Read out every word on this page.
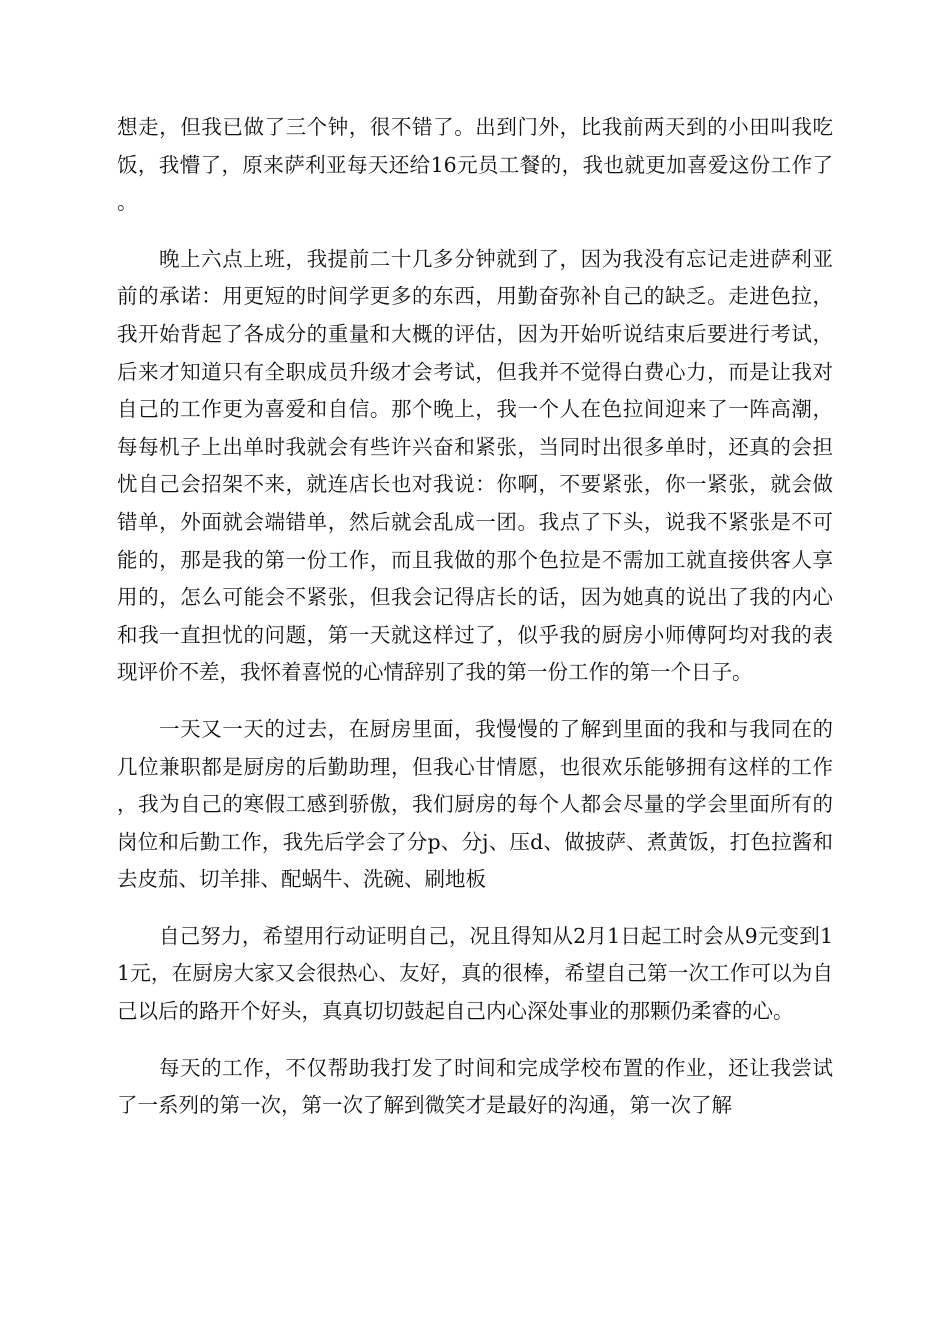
想走，但我已做了三个钟，很不错了。出到门外，比我前两天到的小田叫我吃饭，我懵了，原来萨利亚每天还给16元员工餐的，我也就更加喜爱这份工作了。

晚上六点上班，我提前二十几多分钟就到了，因为我没有忘记走进萨利亚前的承诺：用更短的时间学更多的东西，用勤奋弥补自己的缺乏。走进色拉，我开始背起了各成分的重量和大概的评估，因为开始听说结束后要进行考试，后来才知道只有全职成员升级才会考试，但我并不觉得白费心力，而是让我对自己的工作更为喜爱和自信。那个晚上，我一个人在色拉间迎来了一阵高潮，每每机子上出单时我就会有些许兴奋和紧张，当同时出很多单时，还真的会担忧自己会招架不来，就连店长也对我说：你啊，不要紧张，你一紧张，就会做错单，外面就会端错单，然后就会乱成一团。我点了下头，说我不紧张是不可能的，那是我的第一份工作，而且我做的那个色拉是不需加工就直接供客人享用的，怎么可能会不紧张，但我会记得店长的话，因为她真的说出了我的内心和我一直担忧的问题，第一天就这样过了，似乎我的厨房小师傅阿均对我的表现评价不差，我怀着喜悦的心情辞别了我的第一份工作的第一个日子。

一天又一天的过去，在厨房里面，我慢慢的了解到里面的我和与我同在的几位兼职都是厨房的后勤助理，但我心甘情愿，也很欢乐能够拥有这样的工作，我为自己的寒假工感到骄傲，我们厨房的每个人都会尽量的学会里面所有的岗位和后勤工作，我先后学会了分p、分j、压d、做披萨、煮黄饭，打色拉酱和去皮茄、切羊排、配蜗牛、洗碗、刷地板

自己努力，希望用行动证明自己，况且得知从2月1日起工时会从9元变到11元，在厨房大家又会很热心、友好，真的很棒，希望自己第一次工作可以为自己以后的路开个好头，真真切切鼓起自己内心深处事业的那颗仍柔睿的心。

每天的工作，不仅帮助我打发了时间和完成学校布置的作业，还让我尝试了一系列的第一次，第一次了解到微笑才是最好的沟通，第一次了解
